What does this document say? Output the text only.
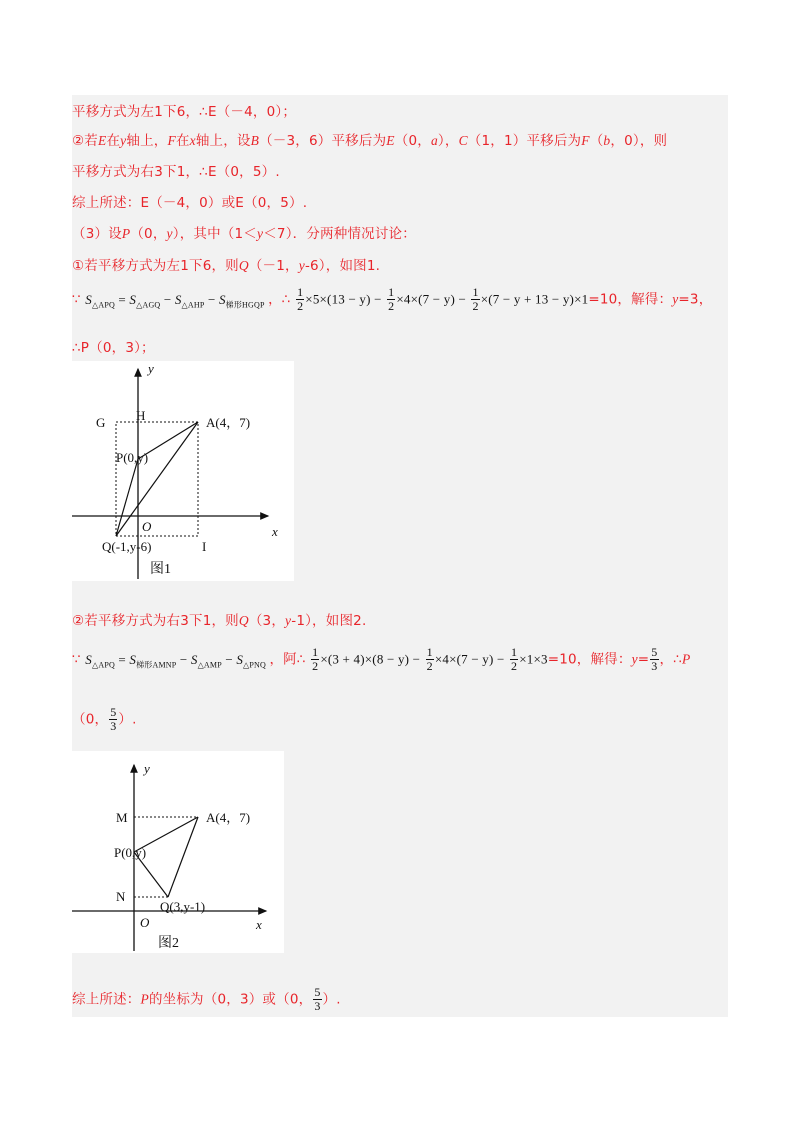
平移方式为左1下6，∴E（－4，0）；
②若E在y轴上，F在x轴上，设B（－3，6）平移后为E（0，a），C（1，1）平移后为F（b，0），则
平移方式为右3下1，∴E（0，5）.
综上所述：E（－4，0）或E（0，5）.
（3）设P（0，y），其中（1＜y＜7）．分两种情况讨论：
①若平移方式为左1下6，则Q（－1，y-6），如图1.
∵ $S_{\triangle APQ} = S_{\triangle AGQ} - S_{\triangle AHP} - S_{梯形HGQP}$ ，∴ $\frac{1}{2} \times 5\times(13 - y) - \frac{1}{2} \times 4\times(7 - y) - \frac{1}{2} \times(7 - y + 13 - y)\times 1=10$，解得：y=3，
∴P（0，3）；
y
x
G H	A(4，7)
P(0,y)
O
Q(-1,y-6)	I
图1
②若平移方式为右3下1，则Q（3，y-1），如图2.
∵ $S_{\triangle APQ} = S_{梯形AMNP} - S_{\triangle AMP} - S_{\triangle PNQ}$ ，阿∴ $\frac{1}{2} \times(3 + 4)\times(8 - y) - \frac{1}{2} \times 4\times(7 - y) - \frac{1}{2} \times 1\times 3=10$，解得：$y= \frac{5}{3}$ ，∴P
（0， $\frac{5}{3}$ ）.
y
x
M	A(4，7)
P(0,y)
N
Q(3,y-1)
O
图2
综上所述：P的坐标为（0，3）或（0， $\frac{5}{3}$ ）.
